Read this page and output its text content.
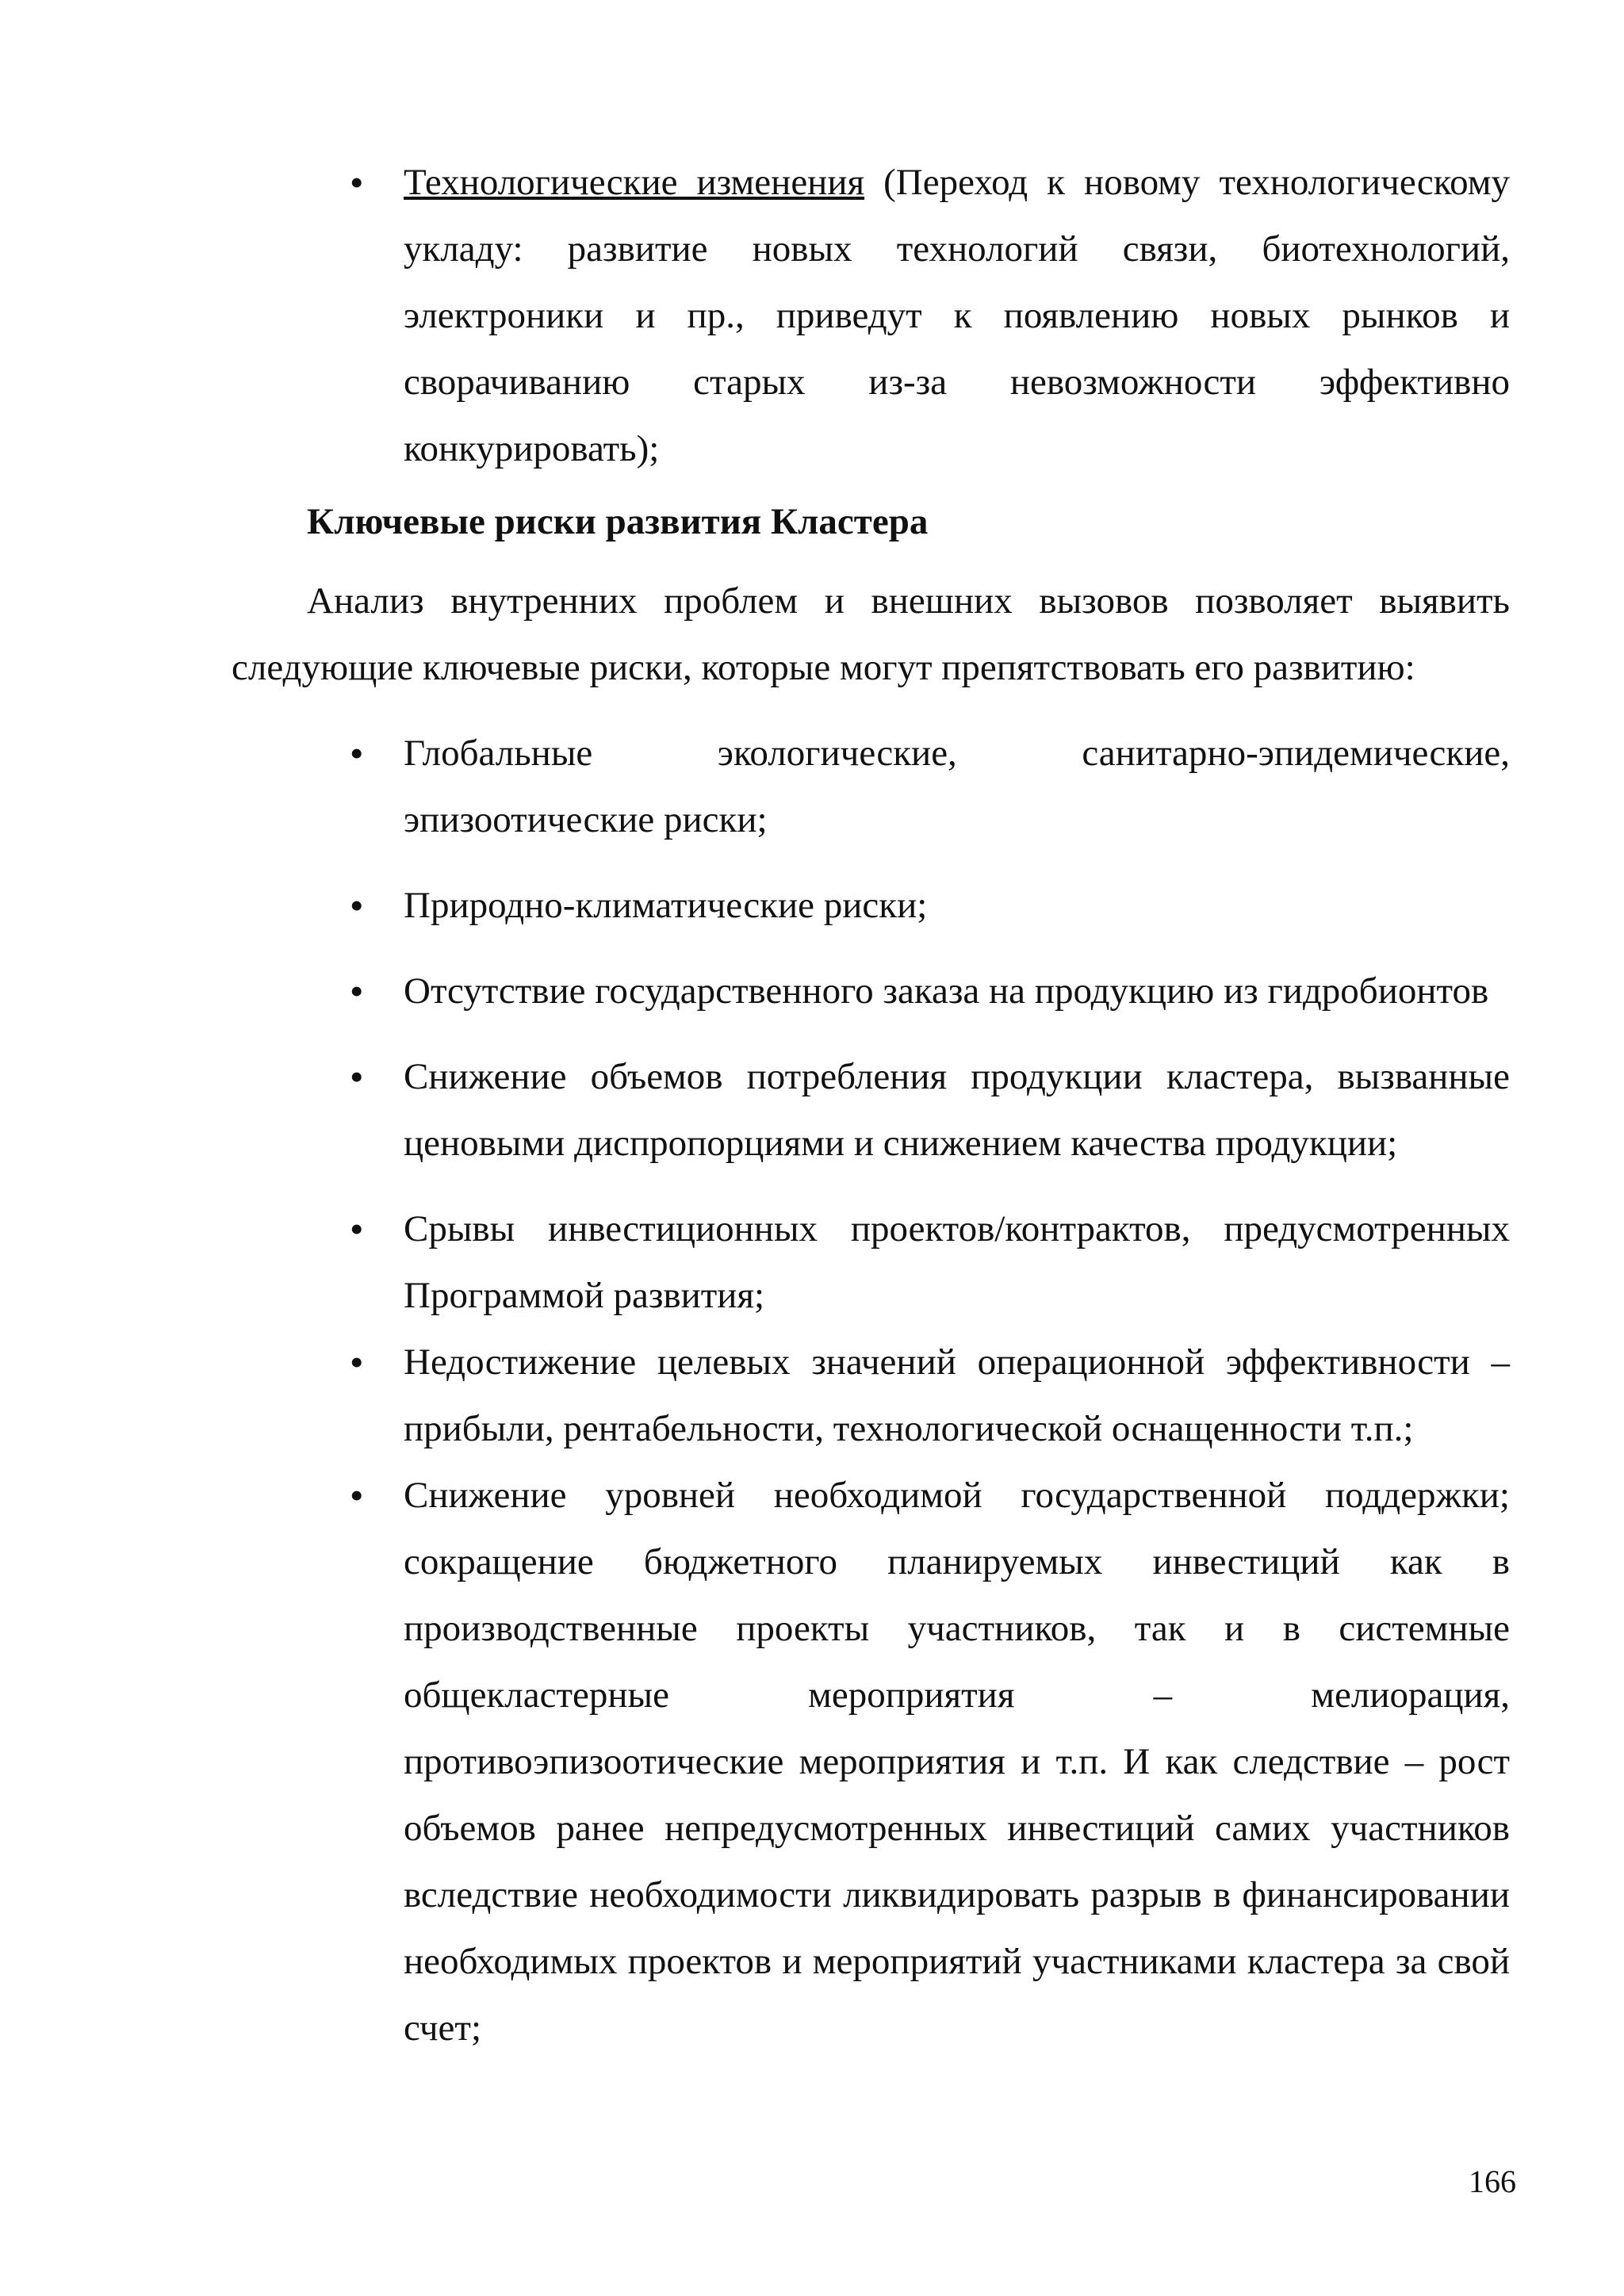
• Технологические изменения (Переход к новому технологическому укладу: развитие новых технологий связи, биотехнологий, электроники и пр., приведут к появлению новых рынков и сворачиванию старых из-за невозможности эффективно конкурировать);
Ключевые риски развития Кластера

Анализ внутренних проблем и внешних вызовов позволяет выявить следующие ключевые риски, которые могут препятствовать его развитию:

• Глобальные экологические, санитарно-эпидемические, эпизоотические риски;
• Природно-климатические риски;
• Отсутствие государственного заказа на продукцию из гидробионтов
• Снижение объемов потребления продукции кластера, вызванные ценовыми диспропорциями и снижением качества продукции;
• Срывы инвестиционных проектов/контрактов, предусмотренных Программой развития;
• Недостижение целевых значений операционной эффективности – прибыли, рентабельности, технологической оснащенности т.п.;
• Снижение уровней необходимой государственной поддержки; сокращение бюджетного планируемых инвестиций как в производственные проекты участников, так и в системные общекластерные мероприятия – мелиорация, противоэпизоотические мероприятия и т.п. И как следствие – рост объемов ранее непредусмотренных инвестиций самих участников вследствие необходимости ликвидировать разрыв в финансировании необходимых проектов и мероприятий участниками кластера за свой счет;
166
